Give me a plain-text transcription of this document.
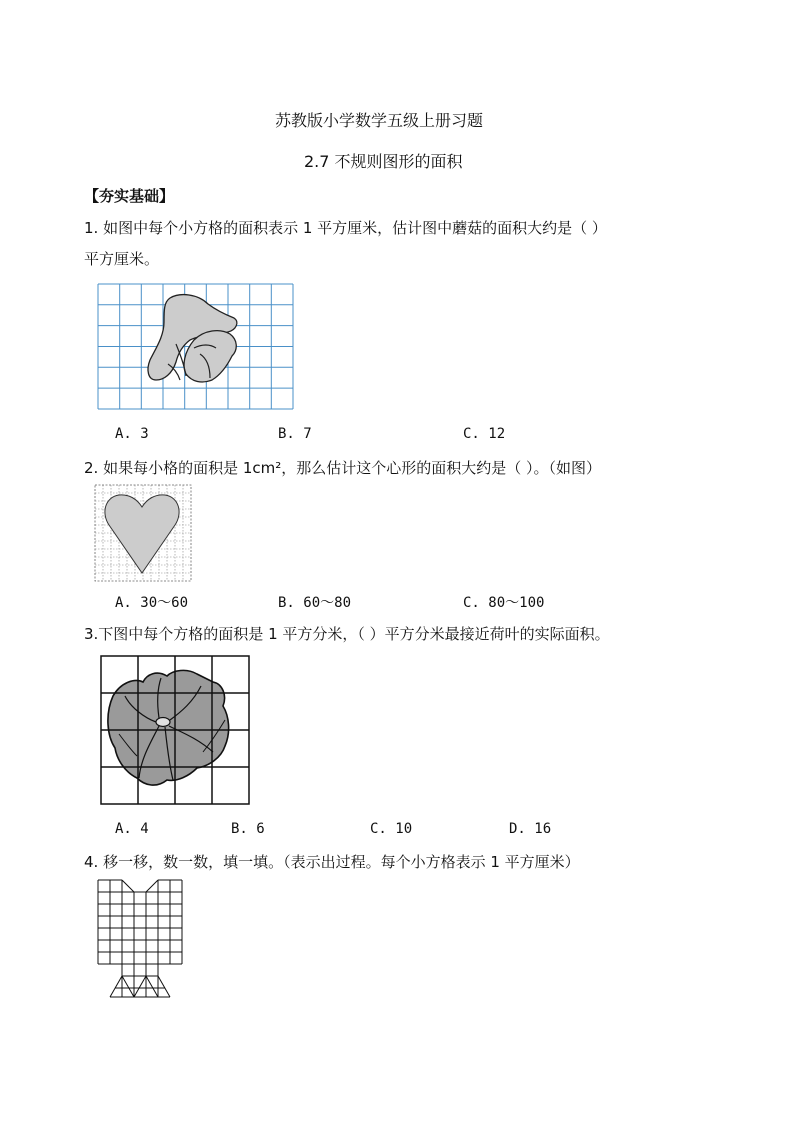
苏教版小学数学五级上册习题
2.7 不规则图形的面积
【夯实基础】
1. 如图中每个小方格的面积表示 1 平方厘米，估计图中蘑菇的面积大约是（ ）
平方厘米。
A. 3	B. 7	C. 12
2. 如果每小格的面积是 1cm²，那么估计这个心形的面积大约是（ ）。（如图）
A. 30～60	B. 60～80	C. 80～100
3.下图中每个方格的面积是 1 平方分米，（ ）平方分米最接近荷叶的实际面积。
A. 4	B. 6	C. 10	D. 16
4. 移一移，数一数，填一填。（表示出过程。每个小方格表示 1 平方厘米）
